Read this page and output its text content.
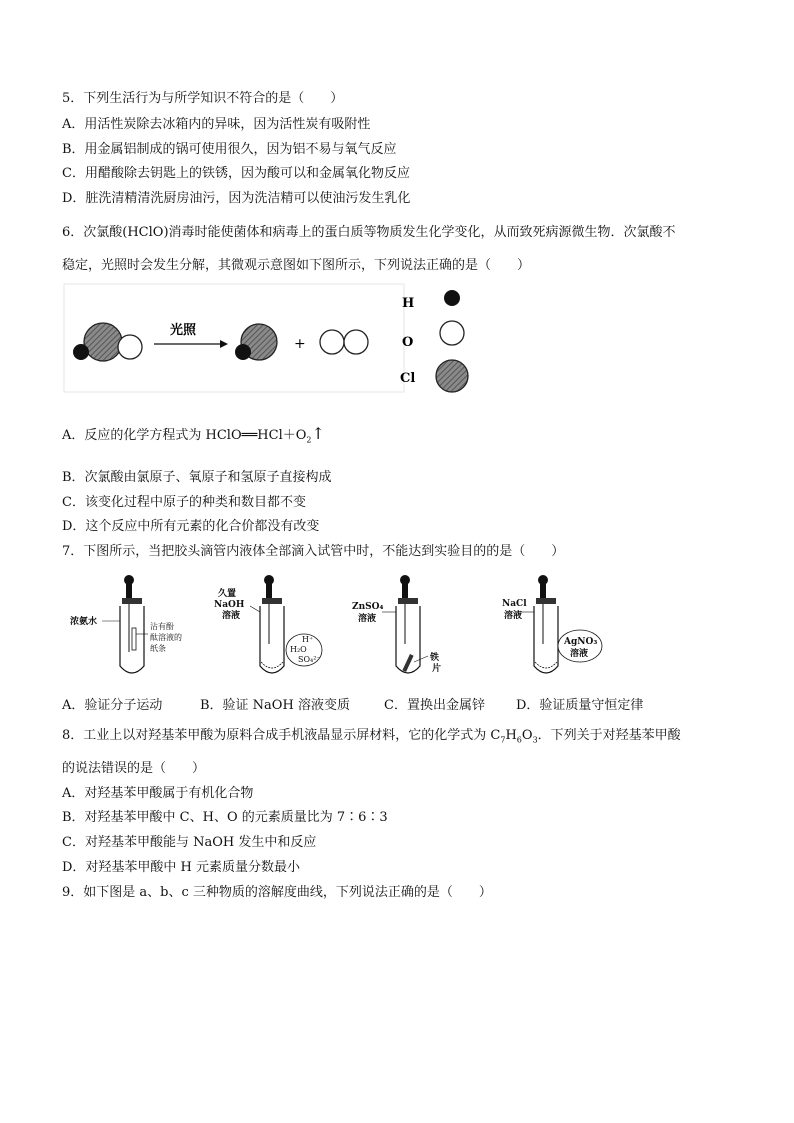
5．下列生活行为与所学知识不符合的是（　　）
A．用活性炭除去冰箱内的异味，因为活性炭有吸附性
B．用金属铝制成的锅可使用很久，因为铝不易与氧气反应
C．用醋酸除去钥匙上的铁锈，因为酸可以和金属氧化物反应
D．脏洗清精清洗厨房油污，因为洗洁精可以使油污发生乳化
6．次氯酸(HClO)消毒时能使菌体和病毒上的蛋白质等物质发生化学变化，从而致死病源微生物．次氯酸不
稳定，光照时会发生分解，其微观示意图如下图所示，下列说法正确的是（　　）
光照
+
H
O
Cl
A．反应的化学方程式为 $HClO══HCl+O_2↑$
B．次氯酸由氯原子、氧原子和氢原子直接构成
C．该变化过程中原子的种类和数目都不变
D．这个反应中所有元素的化合价都没有改变
7．下图所示，当把胶头滴管内液体全部滴入试管中时，不能达到实验目的的是（　　）
浓氨水	沾有酚
酞溶液的
纸条
久置
NaOH
溶液
H⁺
H₂O
SO₄²⁻
ZnSO₄
溶液
铁
片
NaCl
溶液
AgNO₃
溶液
A．验证分子运动	B．验证 NaOH 溶液变质	C．置换出金属锌 D．验证质量守恒定律
8．工业上以对羟基苯甲酸为原料合成手机液晶显示屏材料，它的化学式为 $C_7H_6O_3$．下列关于对羟基苯甲酸
的说法错误的是（　　）
A．对羟基苯甲酸属于有机化合物
B．对羟基苯甲酸中 C、H、O 的元素质量比为 7∶6∶3
C．对羟基苯甲酸能与 NaOH 发生中和反应
D．对羟基苯甲酸中 H 元素质量分数最小
9．如下图是 a、b、c 三种物质的溶解度曲线，下列说法正确的是（　　）
